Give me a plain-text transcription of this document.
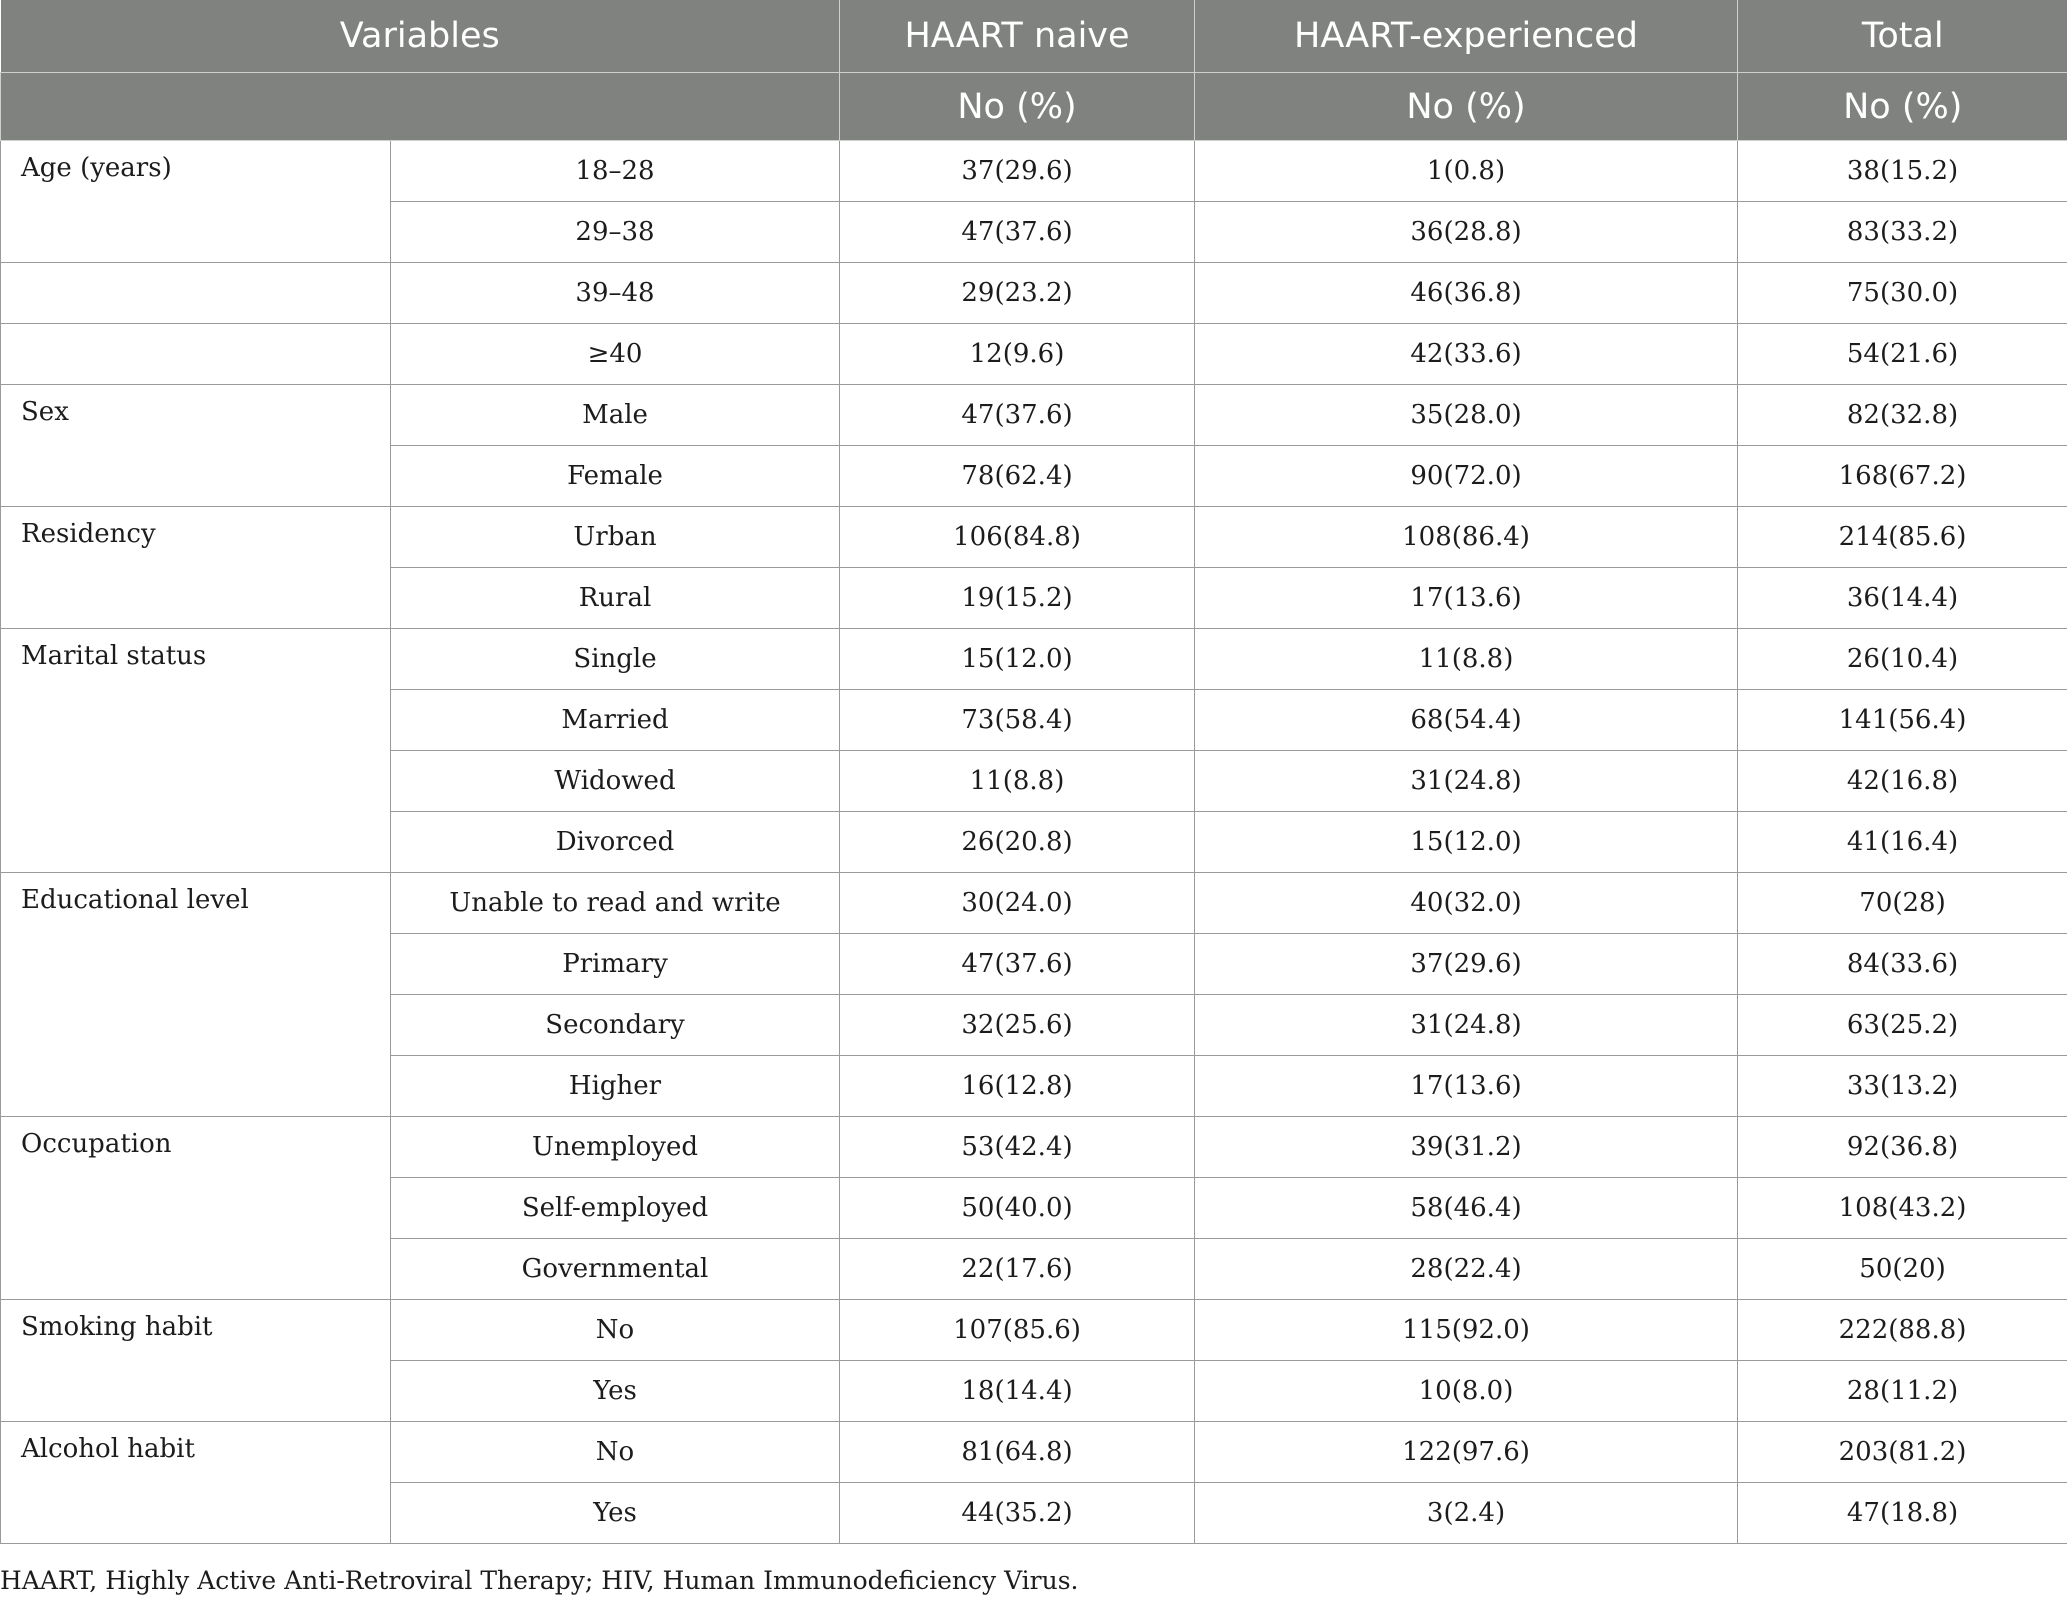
Variables		HAART naive	HAART-experienced	Total
		No (%)	No (%)	No (%)
Age (years)	18–28	37(29.6)	1(0.8)	38(15.2)
	29–38	47(37.6)	36(28.8)	83(33.2)
	39–48	29(23.2)	46(36.8)	75(30.0)
	≥40	12(9.6)	42(33.6)	54(21.6)
Sex	Male	47(37.6)	35(28.0)	82(32.8)
	Female	78(62.4)	90(72.0)	168(67.2)
Residency	Urban	106(84.8)	108(86.4)	214(85.6)
	Rural	19(15.2)	17(13.6)	36(14.4)
Marital status	Single	15(12.0)	11(8.8)	26(10.4)
	Married	73(58.4)	68(54.4)	141(56.4)
	Widowed	11(8.8)	31(24.8)	42(16.8)
	Divorced	26(20.8)	15(12.0)	41(16.4)
Educational level	Unable to read and write	30(24.0)	40(32.0)	70(28)
	Primary	47(37.6)	37(29.6)	84(33.6)
	Secondary	32(25.6)	31(24.8)	63(25.2)
	Higher	16(12.8)	17(13.6)	33(13.2)
Occupation	Unemployed	53(42.4)	39(31.2)	92(36.8)
	Self-employed	50(40.0)	58(46.4)	108(43.2)
	Governmental	22(17.6)	28(22.4)	50(20)
Smoking habit	No	107(85.6)	115(92.0)	222(88.8)
	Yes	18(14.4)	10(8.0)	28(11.2)
Alcohol habit	No	81(64.8)	122(97.6)	203(81.2)
	Yes	44(35.2)	3(2.4)	47(18.8)
HAART, Highly Active Anti-Retroviral Therapy; HIV, Human Immunodeficiency Virus.
